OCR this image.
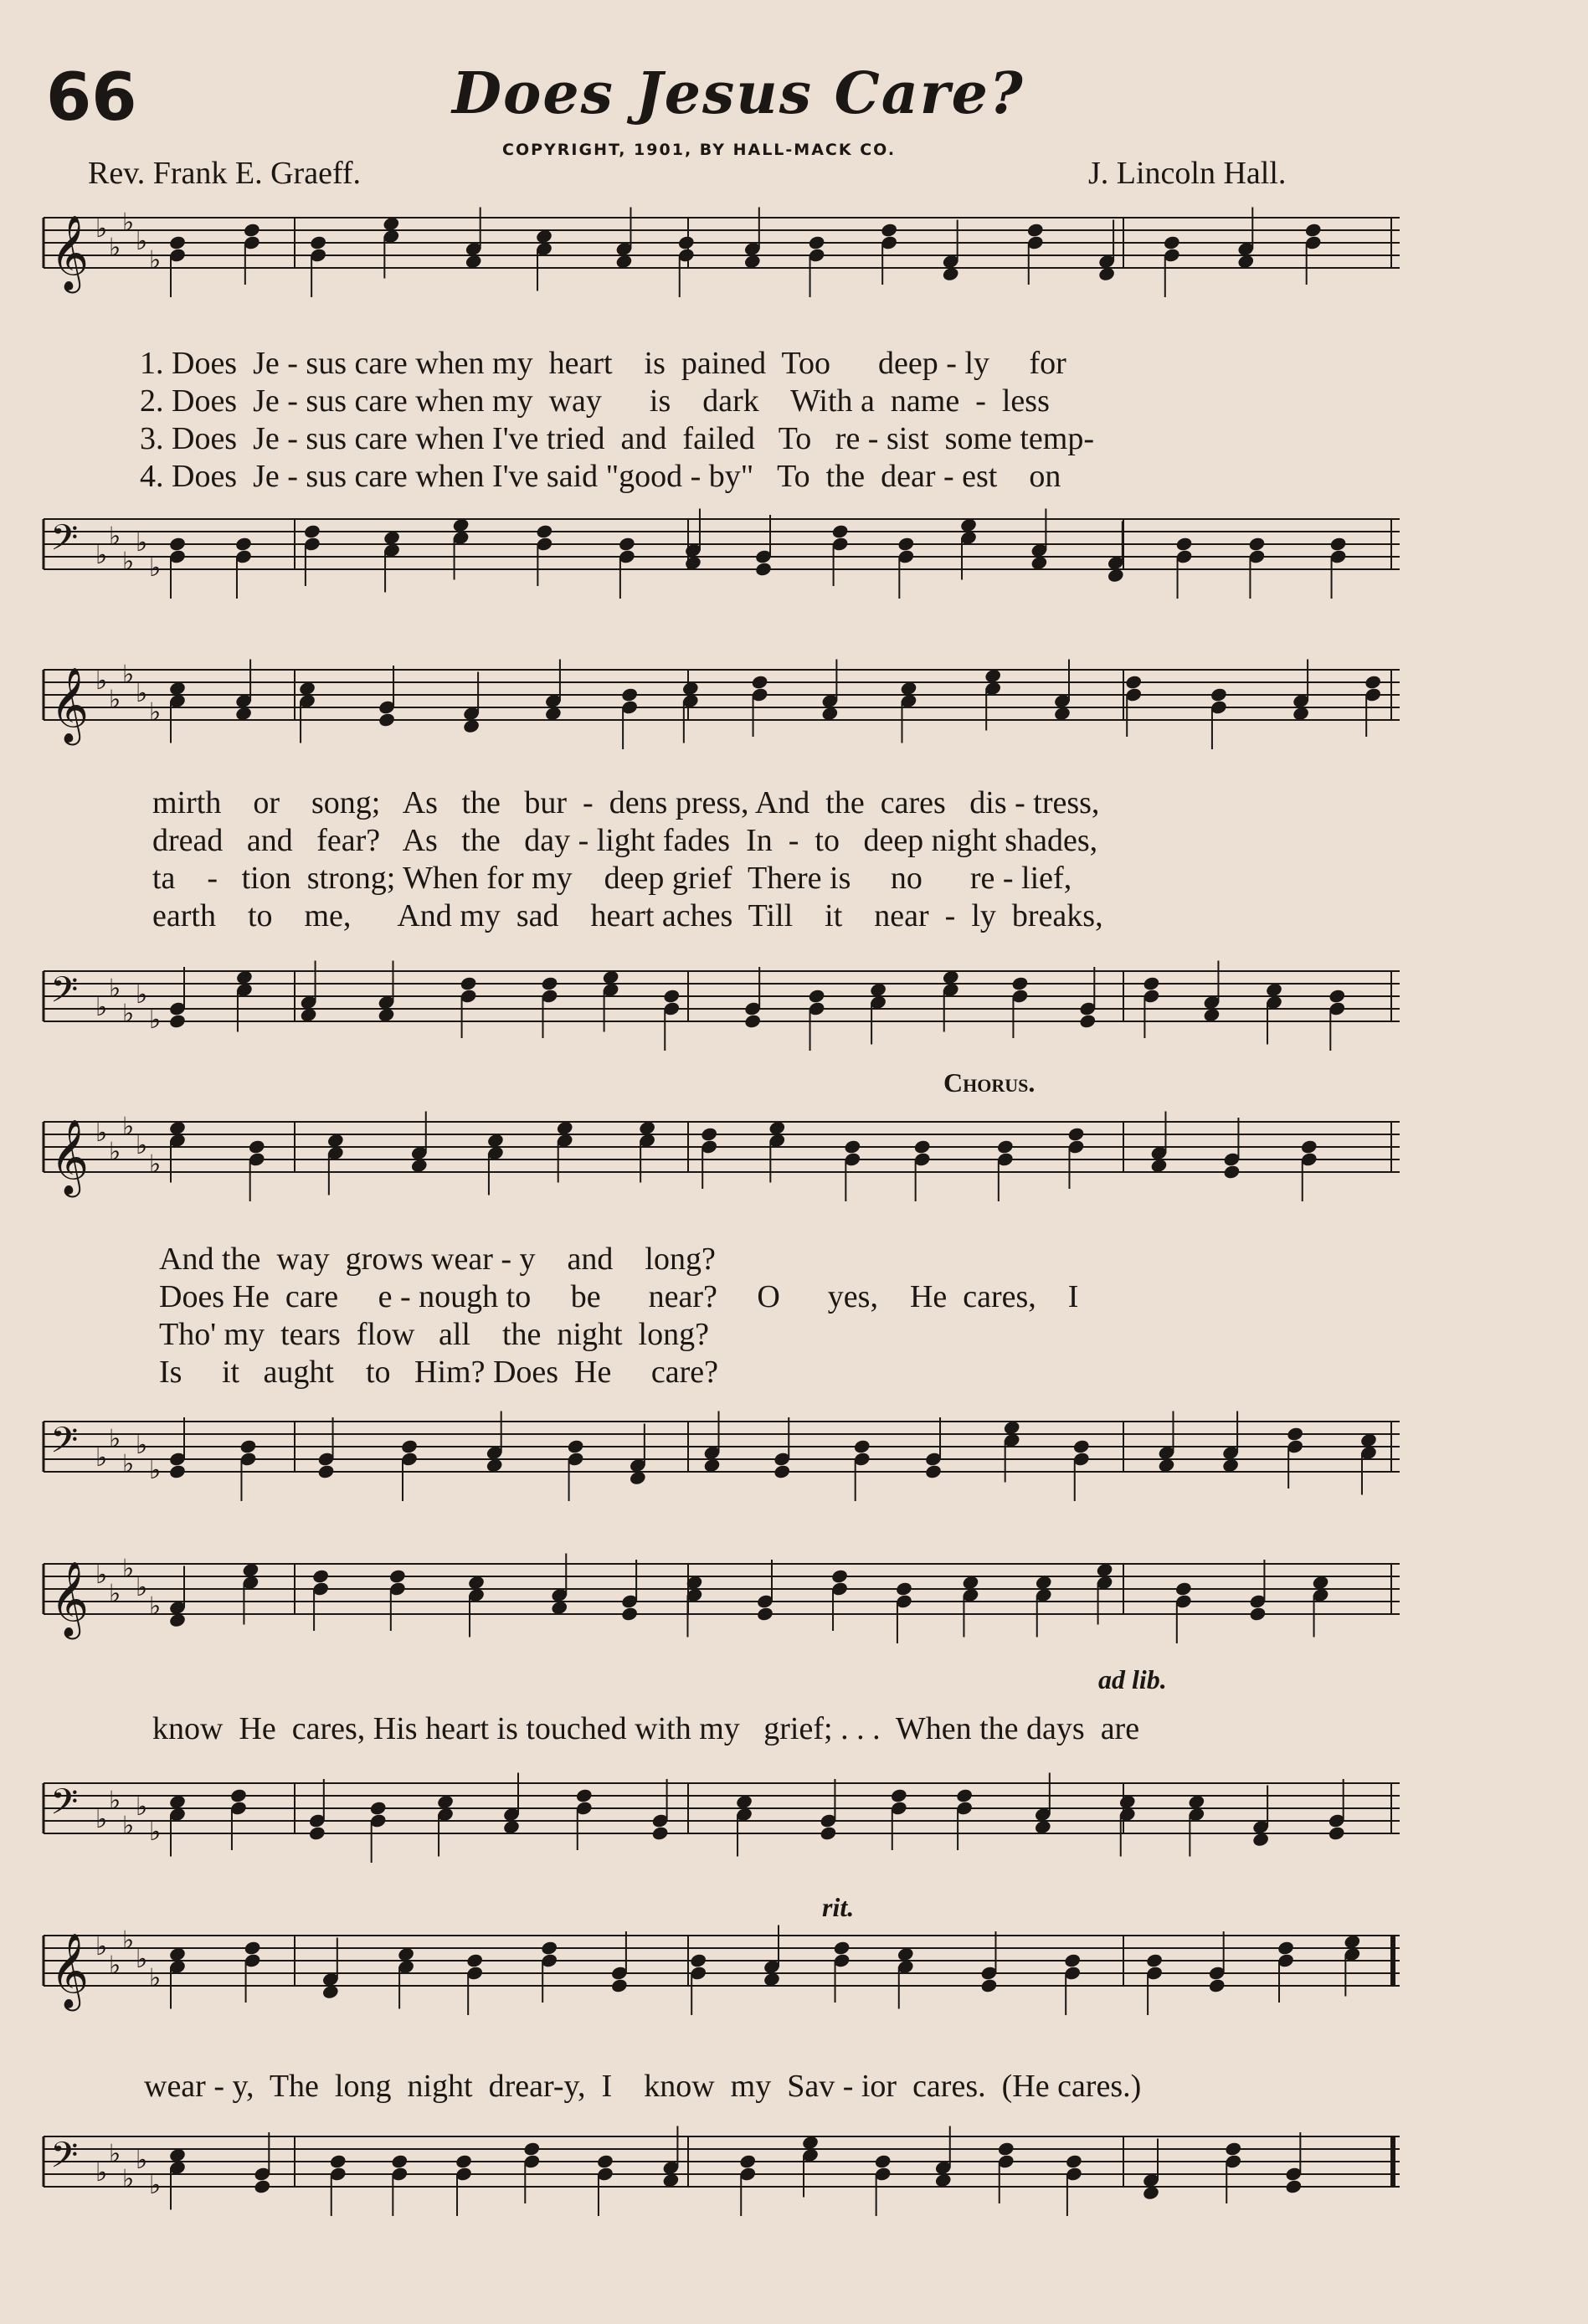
66	Does Jesus Care?
COPYRIGHT, 1901, BY HALL-MACK CO.
Rev. Frank E. Graeff.	J. Lincoln Hall.
𝄞 ♭
♭
♭
♭
♭
1. Does  Je - sus care when my  heart    is  pained  Too      deep - ly     for
2. Does  Je - sus care when my  way      is    dark    With a  name  -  less
3. Does  Je - sus care when I've tried  and  failed   To   re - sist  some temp-
4. Does  Je - sus care when I've said "good - by"   To  the  dear - est    on
𝄢 ♭
♭
♭
♭
♭
𝄞 ♭
♭
♭
♭
♭
mirth    or    song;   As   the   bur  -  dens press, And  the  cares   dis - tress,
dread   and   fear?   As   the   day - light fades  In  -  to   deep night shades,
ta    -   tion  strong; When for my    deep grief  There is     no      re - lief,
earth    to    me,      And my  sad    heart aches  Till    it    near  -  ly  breaks,
𝄢 ♭
♭
♭
♭
♭
Chorus.
𝄞 ♭
♭
♭
♭
♭
And the  way  grows wear - y    and    long?
Does He  care     e - nough to     be      near?     O      yes,    He  cares,    I
Tho' my  tears  flow   all    the  night  long?
Is     it   aught    to   Him? Does  He     care?
𝄢 ♭
♭
♭
♭
♭
𝄞 ♭
♭
♭
♭
♭
ad lib.
know  He  cares, His heart is touched with my   grief; . . .  When the days  are
𝄢 ♭
♭
♭
♭
♭
rit.
𝄞 ♭
♭
♭
♭
♭
wear - y,  The  long  night  drear-y,  I    know  my  Sav - ior  cares.  (He cares.)
𝄢 ♭
♭
♭
♭
♭
